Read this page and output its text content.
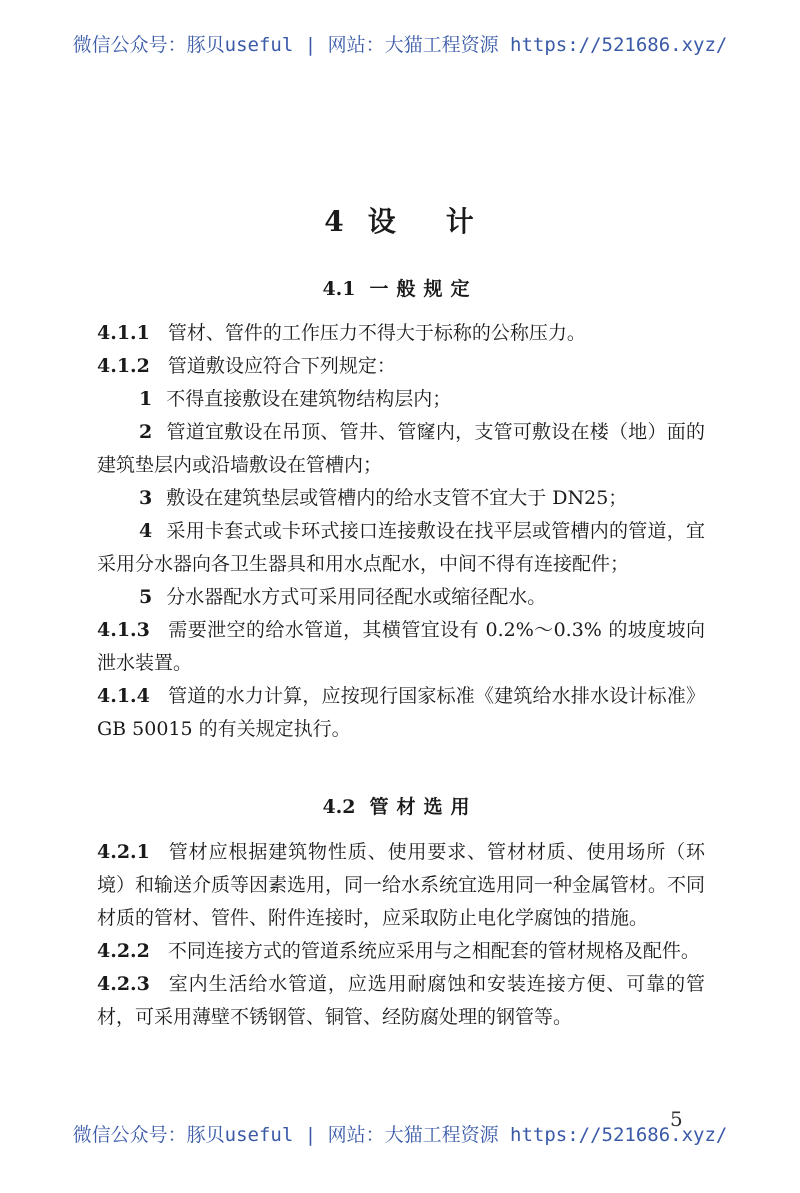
微信公众号：豚贝useful | 网站：大猫工程资源 https://521686.xyz/
4 设 计
4.1 一般规定

4.1.1 管材、管件的工作压力不得大于标称的公称压力。

4.1.2 管道敷设应符合下列规定：

1 不得直接敷设在建筑物结构层内；

2 管道宜敷设在吊顶、管井、管窿内，支管可敷设在楼（地）面的建筑垫层内或沿墙敷设在管槽内；

3 敷设在建筑垫层或管槽内的给水支管不宜大于 DN25；

4 采用卡套式或卡环式接口连接敷设在找平层或管槽内的管道，宜采用分水器向各卫生器具和用水点配水，中间不得有连接配件；

5 分水器配水方式可采用同径配水或缩径配水。

4.1.3 需要泄空的给水管道，其横管宜设有 0.2%～0.3% 的坡度坡向泄水装置。

4.1.4 管道的水力计算，应按现行国家标准《建筑给水排水设计标准》GB 50015 的有关规定执行。

4.2 管材选用

4.2.1 管材应根据建筑物性质、使用要求、管材材质、使用场所（环境）和输送介质等因素选用，同一给水系统宜选用同一种金属管材。不同材质的管材、管件、附件连接时，应采取防止电化学腐蚀的措施。

4.2.2 不同连接方式的管道系统应采用与之相配套的管材规格及配件。

4.2.3 室内生活给水管道，应选用耐腐蚀和安装连接方便、可靠的管材，可采用薄壁不锈钢管、铜管、经防腐处理的钢管等。

5
微信公众号：豚贝useful | 网站：大猫工程资源 https://521686.xyz/
